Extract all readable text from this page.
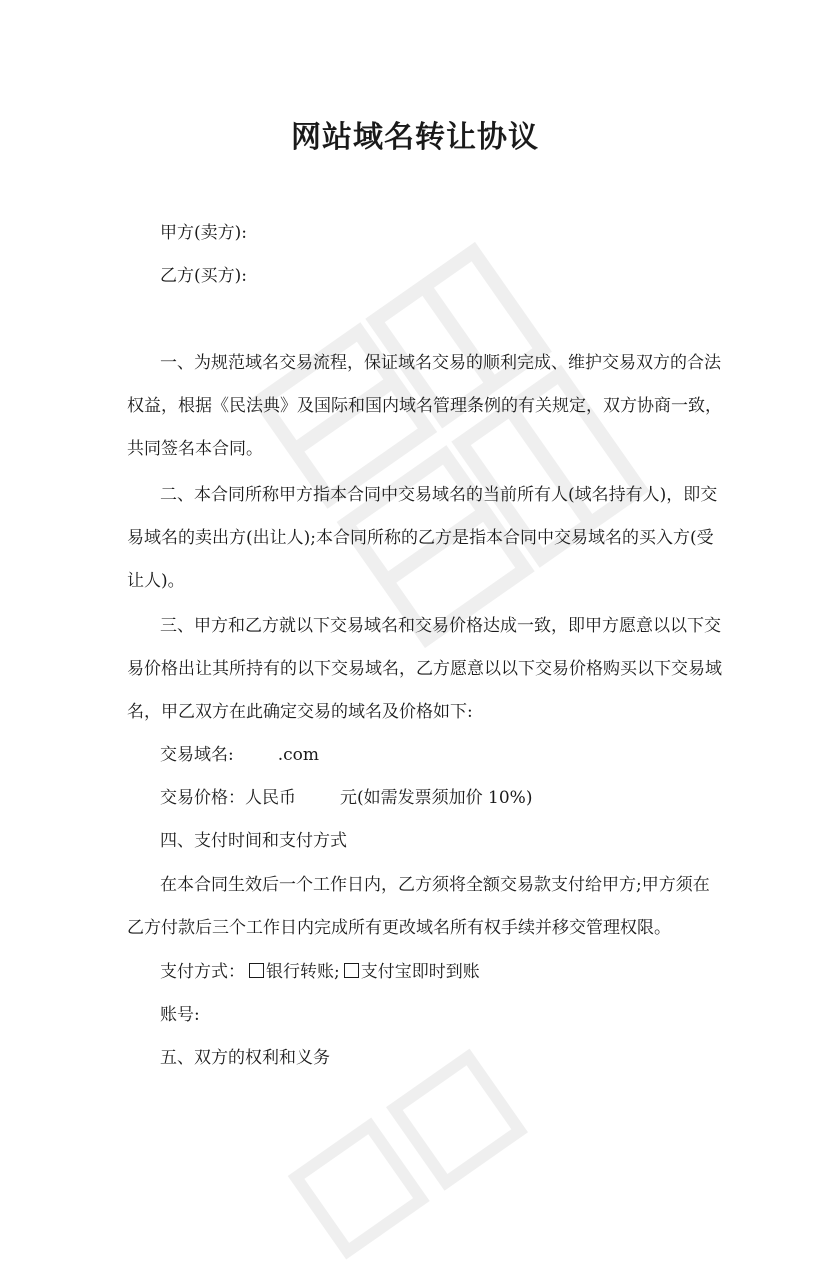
网站域名转让协议
甲方(卖方):
乙方(买方):
一、为规范域名交易流程，保证域名交易的顺利完成、维护交易双方的合法
权益，根据《民法典》及国际和国内域名管理条例的有关规定，双方协商一致，
共同签名本合同。
二、本合同所称甲方指本合同中交易域名的当前所有人(域名持有人)，即交
易域名的卖出方(出让人);本合同所称的乙方是指本合同中交易域名的买入方(受
让人)。
三、甲方和乙方就以下交易域名和交易价格达成一致，即甲方愿意以以下交
易价格出让其所持有的以下交易域名，乙方愿意以以下交易价格购买以下交易域
名，甲乙双方在此确定交易的域名及价格如下:
交易域名:	.com
交易价格：人民币	元(如需发票须加价 10%)
四、支付时间和支付方式
在本合同生效后一个工作日内，乙方须将全额交易款支付给甲方;甲方须在
乙方付款后三个工作日内完成所有更改域名所有权手续并移交管理权限。
支付方式： 银行转账; 支付宝即时到账
账号:
五、双方的权利和义务
